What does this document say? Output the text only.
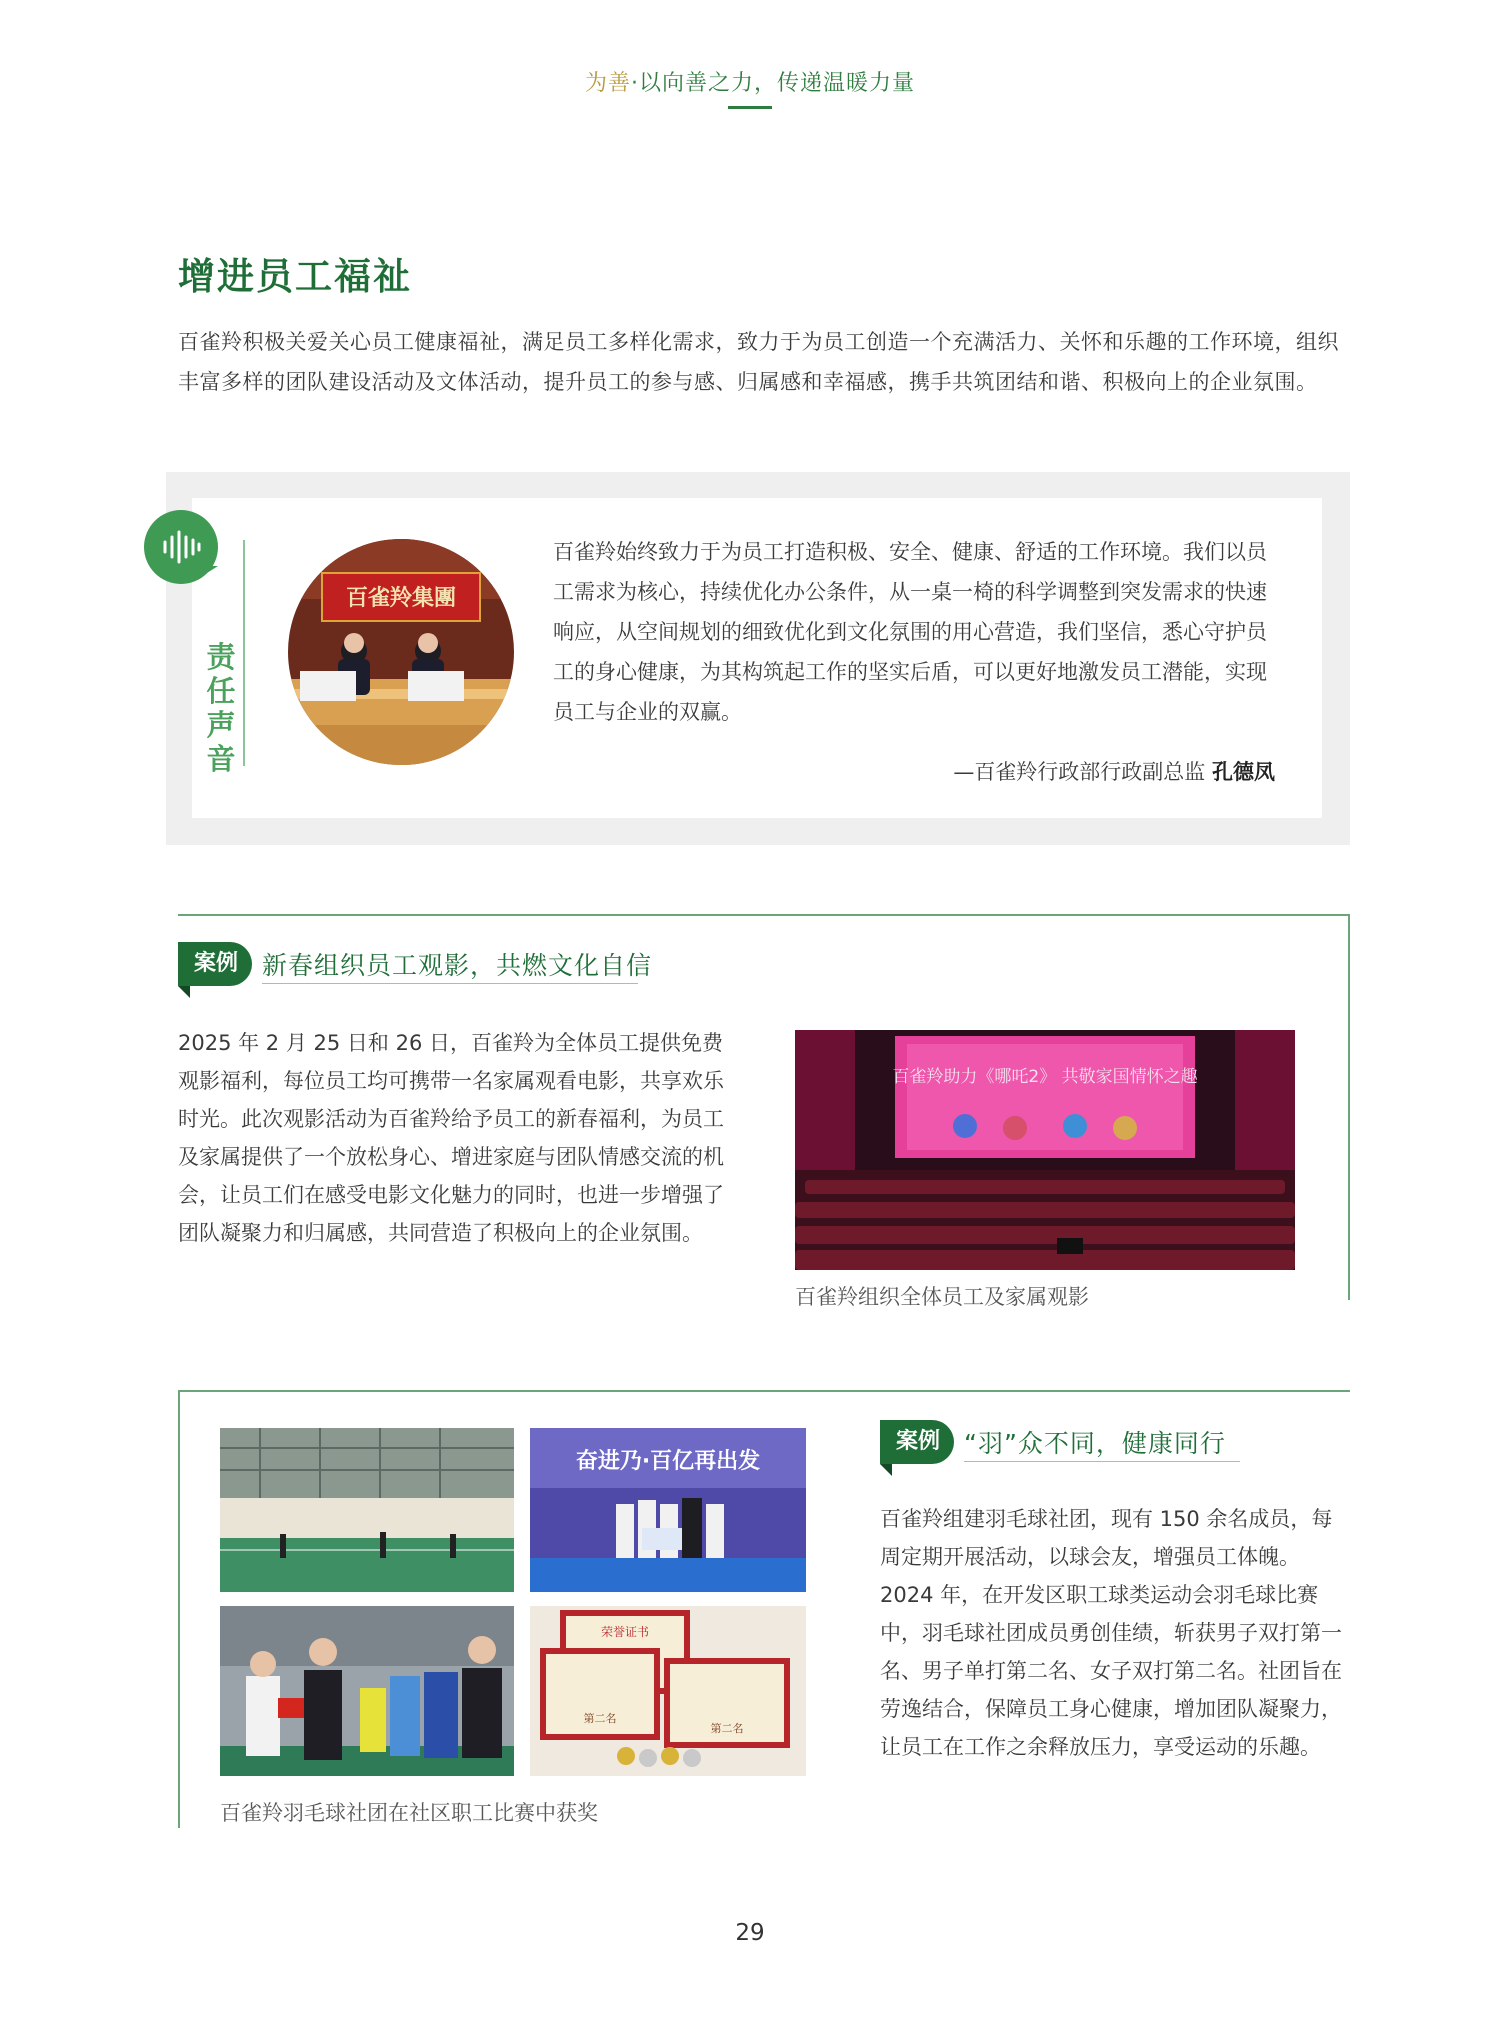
为善·以向善之力，传递温暖力量
增进员工福祉
百雀羚积极关爱关心员工健康福祉，满足员工多样化需求，致力于为员工创造一个充满活力、关怀和乐趣的工作环境，组织丰富多样的团队建设活动及文体活动，提升员工的参与感、归属感和幸福感，携手共筑团结和谐、积极向上的企业氛围。
责任声音
百雀羚集團
百雀羚始终致力于为员工打造积极、安全、健康、舒适的工作环境。我们以员工需求为核心，持续优化办公条件，从一桌一椅的科学调整到突发需求的快速响应，从空间规划的细致优化到文化氛围的用心营造，我们坚信，悉心守护员工的身心健康，为其构筑起工作的坚实后盾，可以更好地激发员工潜能，实现员工与企业的双赢。
—百雀羚行政部行政副总监 孔德凤
案例 新春组织员工观影，共燃文化自信
2025 年 2 月 25 日和 26 日，百雀羚为全体员工提供免费观影福利，每位员工均可携带一名家属观看电影，共享欢乐时光。此次观影活动为百雀羚给予员工的新春福利，为员工及家属提供了一个放松身心、增进家庭与团队情感交流的机会，让员工们在感受电影文化魅力的同时，也进一步增强了团队凝聚力和归属感，共同营造了积极向上的企业氛围。
百雀羚助力《哪吒2》 共敬家国情怀之趣
百雀羚组织全体员工及家属观影
奋进乃·百亿再出发
荣誉证书
第二名
第二名
百雀羚羽毛球社团在社区职工比赛中获奖
案例 “羽”众不同，健康同行
百雀羚组建羽毛球社团，现有 150 余名成员，每周定期开展活动，以球会友，增强员工体魄。2024 年，在开发区职工球类运动会羽毛球比赛中，羽毛球社团成员勇创佳绩，斩获男子双打第一名、男子单打第二名、女子双打第二名。社团旨在劳逸结合，保障员工身心健康，增加团队凝聚力，让员工在工作之余释放压力，享受运动的乐趣。
29
